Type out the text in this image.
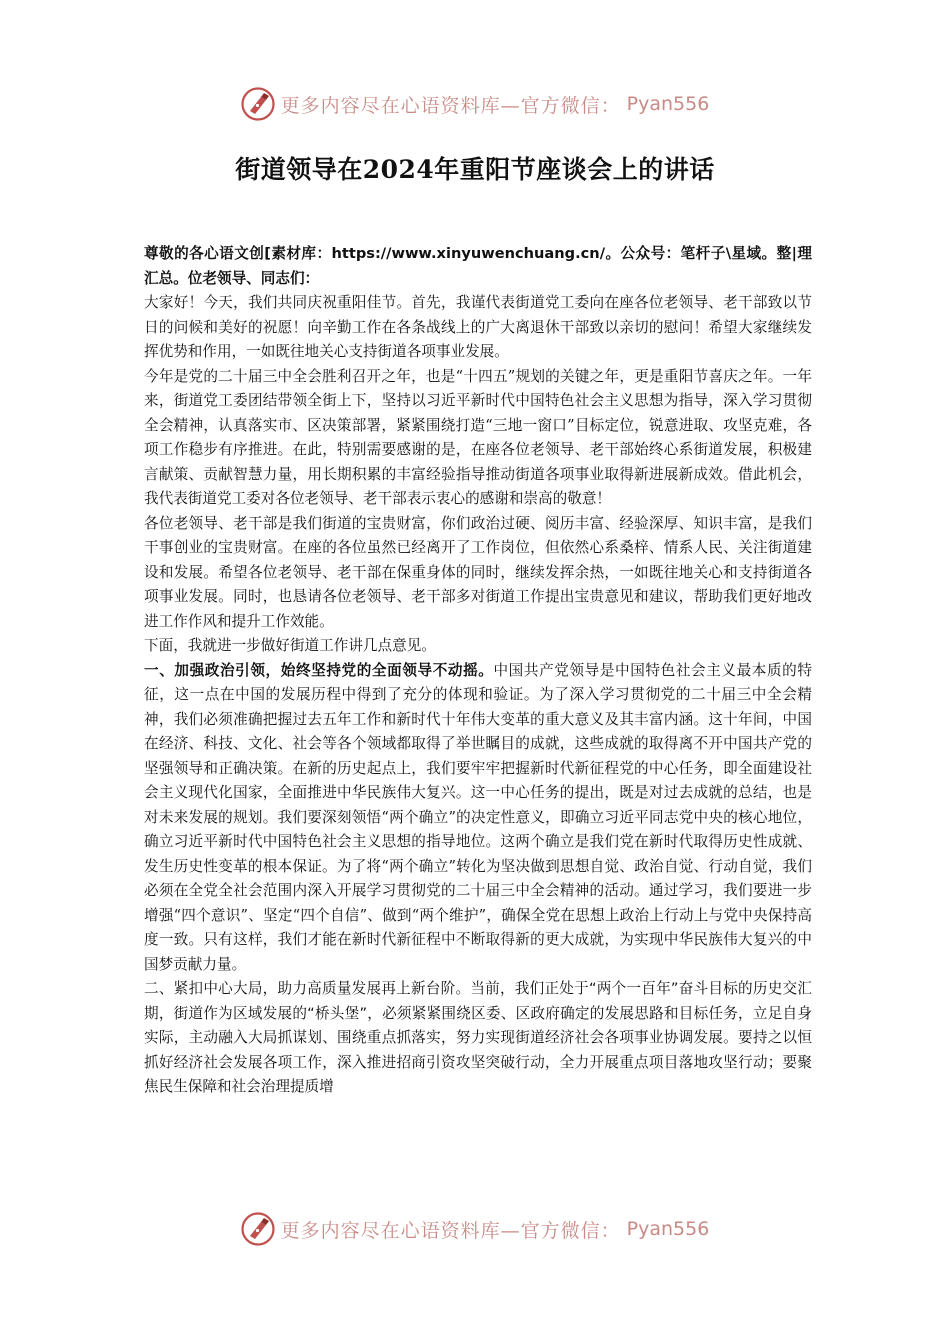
更多内容尽在心语资料库—官方微信： Pyan556
街道领导在2024年重阳节座谈会上的讲话

尊敬的各心语文创[素材库：https://www.xinyuwenchuang.cn/。公众号：笔杆子\星域。整|理汇总。位老领导、同志们：

大家好！今天，我们共同庆祝重阳佳节。首先，我谨代表街道党工委向在座各位老领导、老干部致以节日的问候和美好的祝愿！向辛勤工作在各条战线上的广大离退休干部致以亲切的慰问！希望大家继续发挥优势和作用，一如既往地关心支持街道各项事业发展。

今年是党的二十届三中全会胜利召开之年，也是“十四五”规划的关键之年，更是重阳节喜庆之年。一年来，街道党工委团结带领全街上下，坚持以习近平新时代中国特色社会主义思想为指导，深入学习贯彻全会精神，认真落实市、区决策部署，紧紧围绕打造“三地一窗口”目标定位，锐意进取、攻坚克难，各项工作稳步有序推进。在此，特别需要感谢的是，在座各位老领导、老干部始终心系街道发展，积极建言献策、贡献智慧力量，用长期积累的丰富经验指导推动街道各项事业取得新进展新成效。借此机会，我代表街道党工委对各位老领导、老干部表示衷心的感谢和崇高的敬意！

各位老领导、老干部是我们街道的宝贵财富，你们政治过硬、阅历丰富、经验深厚、知识丰富，是我们干事创业的宝贵财富。在座的各位虽然已经离开了工作岗位，但依然心系桑梓、情系人民、关注街道建设和发展。希望各位老领导、老干部在保重身体的同时，继续发挥余热，一如既往地关心和支持街道各项事业发展。同时，也恳请各位老领导、老干部多对街道工作提出宝贵意见和建议，帮助我们更好地改进工作作风和提升工作效能。

下面，我就进一步做好街道工作讲几点意见。

一、加强政治引领，始终坚持党的全面领导不动摇。中国共产党领导是中国特色社会主义最本质的特征，这一点在中国的发展历程中得到了充分的体现和验证。为了深入学习贯彻党的二十届三中全会精神，我们必须准确把握过去五年工作和新时代十年伟大变革的重大意义及其丰富内涵。这十年间，中国在经济、科技、文化、社会等各个领域都取得了举世瞩目的成就，这些成就的取得离不开中国共产党的坚强领导和正确决策。在新的历史起点上，我们要牢牢把握新时代新征程党的中心任务，即全面建设社会主义现代化国家，全面推进中华民族伟大复兴。这一中心任务的提出，既是对过去成就的总结，也是对未来发展的规划。我们要深刻领悟“两个确立”的决定性意义，即确立习近平同志党中央的核心地位，确立习近平新时代中国特色社会主义思想的指导地位。这两个确立是我们党在新时代取得历史性成就、发生历史性变革的根本保证。为了将“两个确立”转化为坚决做到思想自觉、政治自觉、行动自觉，我们必须在全党全社会范围内深入开展学习贯彻党的二十届三中全会精神的活动。通过学习，我们要进一步增强“四个意识”、坚定“四个自信”、做到“两个维护”，确保全党在思想上政治上行动上与党中央保持高度一致。只有这样，我们才能在新时代新征程中不断取得新的更大成就，为实现中华民族伟大复兴的中国梦贡献力量。

二、紧扣中心大局，助力高质量发展再上新台阶。当前，我们正处于“两个一百年”奋斗目标的历史交汇期，街道作为区域发展的“桥头堡”，必须紧紧围绕区委、区政府确定的发展思路和目标任务，立足自身实际，主动融入大局抓谋划、围绕重点抓落实，努力实现街道经济社会各项事业协调发展。要持之以恒抓好经济社会发展各项工作，深入推进招商引资攻坚突破行动，全力开展重点项目落地攻坚行动；要聚焦民生保障和社会治理提质增

更多内容尽在心语资料库—官方微信： Pyan556
